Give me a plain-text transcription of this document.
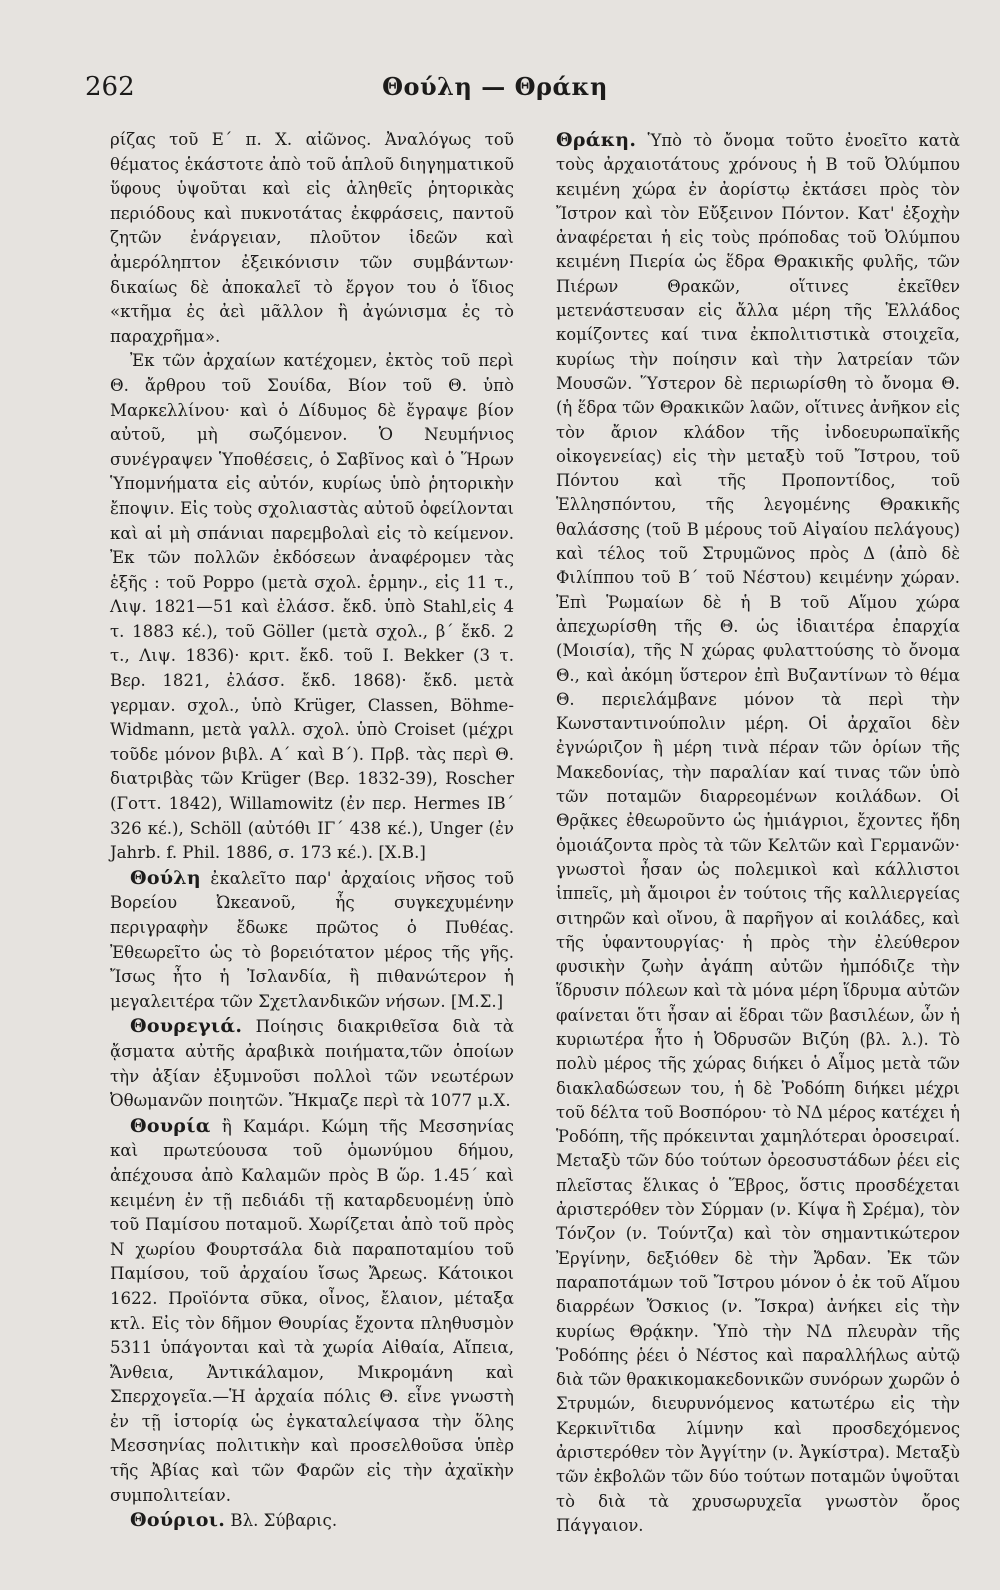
262	Θούλη — Θράκη

ρίζας τοῦ Ε΄ π. Χ. αἰῶνος. Ἀναλόγως τοῦ θέματος ἑκάστοτε ἀπὸ τοῦ ἁπλοῦ διηγηματικοῦ ὕφους ὑψοῦται καὶ εἰς ἀληθεῖς ῥητορικὰς περιόδους καὶ πυκνοτάτας ἐκφράσεις, παντοῦ ζητῶν ἐνάργειαν, πλοῦτον ἰδεῶν καὶ ἀμερόληπτον ἐξεικόνισιν τῶν συμβάντων· δικαίως δὲ ἀποκαλεῖ τὸ ἔργον του ὁ ἴδιος «κτῆμα ἐς ἀεὶ μᾶλλον ἢ ἀγώνισμα ἐς τὸ παραχρῆμα».

Ἐκ τῶν ἀρχαίων κατέχομεν, ἐκτὸς τοῦ περὶ Θ. ἄρθρου τοῦ Σουίδα, Βίον τοῦ Θ. ὑπὸ Μαρκελλίνου· καὶ ὁ Δίδυμος δὲ ἔγραψε βίον αὐτοῦ, μὴ σωζόμενον. Ὁ Νευμήνιος συνέγραψεν Ὑποθέσεις, ὁ Σαβῖνος καὶ ὁ Ἥρων Ὑπομνήματα εἰς αὐτόν, κυρίως ὑπὸ ῥητορικὴν ἔποψιν. Εἰς τοὺς σχολιαστὰς αὐτοῦ ὀφείλονται καὶ αἱ μὴ σπάνιαι παρεμβολαὶ εἰς τὸ κείμενον. Ἐκ τῶν πολλῶν ἐκδόσεων ἀναφέρομεν τὰς ἑξῆς : τοῦ Poppo (μετὰ σχολ. ἑρμην., εἰς 11 τ., Λιψ. 1821—51 καὶ ἐλάσσ. ἔκδ. ὑπὸ Stahl,εἰς 4 τ. 1883 κέ.), τοῦ Göller (μετὰ σχολ., β΄ ἔκδ. 2 τ., Λιψ. 1836)· κριτ. ἔκδ. τοῦ I. Bekker (3 τ. Βερ. 1821, ἐλάσσ. ἔκδ. 1868)· ἔκδ. μετὰ γερμαν. σχολ., ὑπὸ Krüger, Classen, Böhme-Widmann, μετὰ γαλλ. σχολ. ὑπὸ Croiset (μέχρι τοῦδε μόνον βιβλ. Α΄ καὶ Β΄). Πρβ. τὰς περὶ Θ. διατριβὰς τῶν Krüger (Βερ. 1832-39), Roscher (Γοττ. 1842), Willamowitz (ἐν περ. Hermes ΙΒ΄ 326 κέ.), Schöll (αὐτόθι ΙΓ΄ 438 κέ.), Unger (ἐν Jahrb. f. Phil. 1886, σ. 173 κέ.). [X.B.]

Θούλη ἐκαλεῖτο παρ' ἀρχαίοις νῆσος τοῦ Βορείου Ὠκεανοῦ, ἧς συγκεχυμένην περιγραφὴν ἔδωκε πρῶτος ὁ Πυθέας. Ἐθεωρεῖτο ὡς τὸ βορειότατον μέρος τῆς γῆς. Ἴσως ἦτο ἡ Ἰσλανδία, ἢ πιθανώτερον ἡ μεγαλειτέρα τῶν Σχετλανδικῶν νήσων. [Μ.Σ.]

Θουρεγιά. Ποίησις διακριθεῖσα διὰ τὰ ᾄσματα αὐτῆς ἀραβικὰ ποιήματα,τῶν ὁποίων τὴν ἀξίαν ἐξυμνοῦσι πολλοὶ τῶν νεωτέρων Ὀθωμανῶν ποιητῶν. Ἤκμαζε περὶ τὰ 1077 μ.Χ.

Θουρία ἢ Καμάρι. Κώμη τῆς Μεσσηνίας καὶ πρωτεύουσα τοῦ ὁμωνύμου δήμου, ἀπέχουσα ἀπὸ Καλαμῶν πρὸς Β ὥρ. 1.45΄ καὶ κειμένη ἐν τῇ πεδιάδι τῇ καταρδευομένῃ ὑπὸ τοῦ Παμίσου ποταμοῦ. Χωρίζεται ἀπὸ τοῦ πρὸς Ν χωρίου Φουρτσάλα διὰ παραποταμίου τοῦ Παμίσου, τοῦ ἀρχαίου ἴσως Ἄρεως. Κάτοικοι 1622. Προϊόντα σῦκα, οἶνος, ἔλαιον, μέταξα κτλ. Εἰς τὸν δῆμον Θουρίας ἔχοντα πληθυσμὸν 5311 ὑπάγονται καὶ τὰ χωρία Αἰθαία, Αἴπεια, Ἄνθεια, Ἀντικάλαμον, Μικρομάνη καὶ Σπερχογεῖα.—Ἡ ἀρχαία πόλις Θ. εἶνε γνωστὴ ἐν τῇ ἱστορίᾳ ὡς ἐγκαταλείψασα τὴν ὅλης Μεσσηνίας πολιτικὴν καὶ προσελθοῦσα ὑπὲρ τῆς Ἀβίας καὶ τῶν Φαρῶν εἰς τὴν ἀχαϊκὴν συμπολιτείαν.

Θούριοι. Βλ. Σύβαρις.

Θράκη. Ὑπὸ τὸ ὄνομα τοῦτο ἐνοεῖτο κατὰ τοὺς ἀρχαιοτάτους χρόνους ἡ Β τοῦ Ὀλύμπου κειμένη χώρα ἐν ἀορίστῳ ἐκτάσει πρὸς τὸν Ἴστρον καὶ τὸν Εὔξεινον Πόντον. Κατ' ἐξοχὴν ἀναφέρεται ἡ εἰς τοὺς πρόποδας τοῦ Ὀλύμπου κειμένη Πιερία ὡς ἕδρα Θρακικῆς φυλῆς, τῶν Πιέρων Θρακῶν, οἵτινες ἐκεῖθεν μετενάστευσαν εἰς ἄλλα μέρη τῆς Ἑλλάδος κομίζοντες καί τινα ἐκπολιτιστικὰ στοιχεῖα, κυρίως τὴν ποίησιν καὶ τὴν λατρείαν τῶν Μουσῶν. Ὕστερον δὲ περιωρίσθη τὸ ὄνομα Θ. (ἡ ἕδρα τῶν Θρακικῶν λαῶν, οἵτινες ἀνῆκον εἰς τὸν ἄριον κλάδον τῆς ἰνδοευρωπαϊκῆς οἰκογενείας) εἰς τὴν μεταξὺ τοῦ Ἴστρου, τοῦ Πόντου καὶ τῆς Προποντίδος, τοῦ Ἑλλησπόντου, τῆς λεγομένης Θρακικῆς θαλάσσης (τοῦ Β μέρους τοῦ Αἰγαίου πελάγους) καὶ τέλος τοῦ Στρυμῶνος πρὸς Δ (ἀπὸ δὲ Φιλίππου τοῦ Β΄ τοῦ Νέστου) κειμένην χώραν. Ἐπὶ Ῥωμαίων δὲ ἡ Β τοῦ Αἵμου χώρα ἀπεχωρίσθη τῆς Θ. ὡς ἰδιαιτέρα ἐπαρχία (Μοισία), τῆς Ν χώρας φυλαττούσης τὸ ὄνομα Θ., καὶ ἀκόμη ὕστερον ἐπὶ Βυζαντίνων τὸ θέμα Θ. περιελάμβανε μόνον τὰ περὶ τὴν Κωνσταντινούπολιν μέρη. Οἱ ἀρχαῖοι δὲν ἐγνώριζον ἢ μέρη τινὰ πέραν τῶν ὁρίων τῆς Μακεδονίας, τὴν παραλίαν καί τινας τῶν ὑπὸ τῶν ποταμῶν διαρρεομένων κοιλάδων. Οἱ Θρᾷκες ἐθεωροῦντο ὡς ἡμιάγριοι, ἔχοντες ἤδη ὁμοιάζοντα πρὸς τὰ τῶν Κελτῶν καὶ Γερμανῶν· γνωστοὶ ἦσαν ὡς πολεμικοὶ καὶ κάλλιστοι ἱππεῖς, μὴ ἄμοιροι ἐν τούτοις τῆς καλλιεργείας σιτηρῶν καὶ οἴνου, ἃ παρῆγον αἱ κοιλάδες, καὶ τῆς ὑφαντουργίας· ἡ πρὸς τὴν ἐλεύθερον φυσικὴν ζωὴν ἀγάπη αὐτῶν ἠμπόδιζε τὴν ἵδρυσιν πόλεων καὶ τὰ μόνα μέρη ἵδρυμα αὐτῶν φαίνεται ὅτι ἦσαν αἱ ἕδραι τῶν βασιλέων, ὧν ἡ κυριωτέρα ἦτο ἡ Ὀδρυσῶν Βιζύη (βλ. λ.). Τὸ πολὺ μέρος τῆς χώρας διήκει ὁ Αἶμος μετὰ τῶν διακλαδώσεων του, ἡ δὲ Ῥοδόπη διήκει μέχρι τοῦ δέλτα τοῦ Βοσπόρου· τὸ ΝΔ μέρος κατέχει ἡ Ῥοδόπη, τῆς πρόκεινται χαμηλότεραι ὀροσειραί. Μεταξὺ τῶν δύο τούτων ὀρεοσυστάδων ῥέει εἰς πλεῖστας ἕλικας ὁ Ἕβρος, ὅστις προσδέχεται ἀριστερόθεν τὸν Σύρμαν (ν. Κίψα ἢ Σρέμα), τὸν Τόνζον (ν. Τούντζα) καὶ τὸν σημαντικώτερον Ἐργίνην, δεξιόθεν δὲ τὴν Ἄρδαν. Ἐκ τῶν παραποτάμων τοῦ Ἴστρου μόνον ὁ ἐκ τοῦ Αἵμου διαρρέων Ὄσκιος (ν. Ἴσκρα) ἀνήκει εἰς τὴν κυρίως Θρᾴκην. Ὑπὸ τὴν ΝΔ πλευρὰν τῆς Ῥοδόπης ῥέει ὁ Νέστος καὶ παραλλήλως αὐτῷ διὰ τῶν θρακικομακεδονικῶν συνόρων χωρῶν ὁ Στρυμών, διευρυνόμενος κατωτέρω εἰς τὴν Κερκινῖτιδα λίμνην καὶ προσδεχόμενος ἀριστερόθεν τὸν Ἀγγίτην (ν. Ἀγκίστρα). Μεταξὺ τῶν ἐκβολῶν τῶν δύο τούτων ποταμῶν ὑψοῦται τὸ διὰ τὰ χρυσωρυχεῖα γνωστὸν ὄρος Πάγγαιον.
